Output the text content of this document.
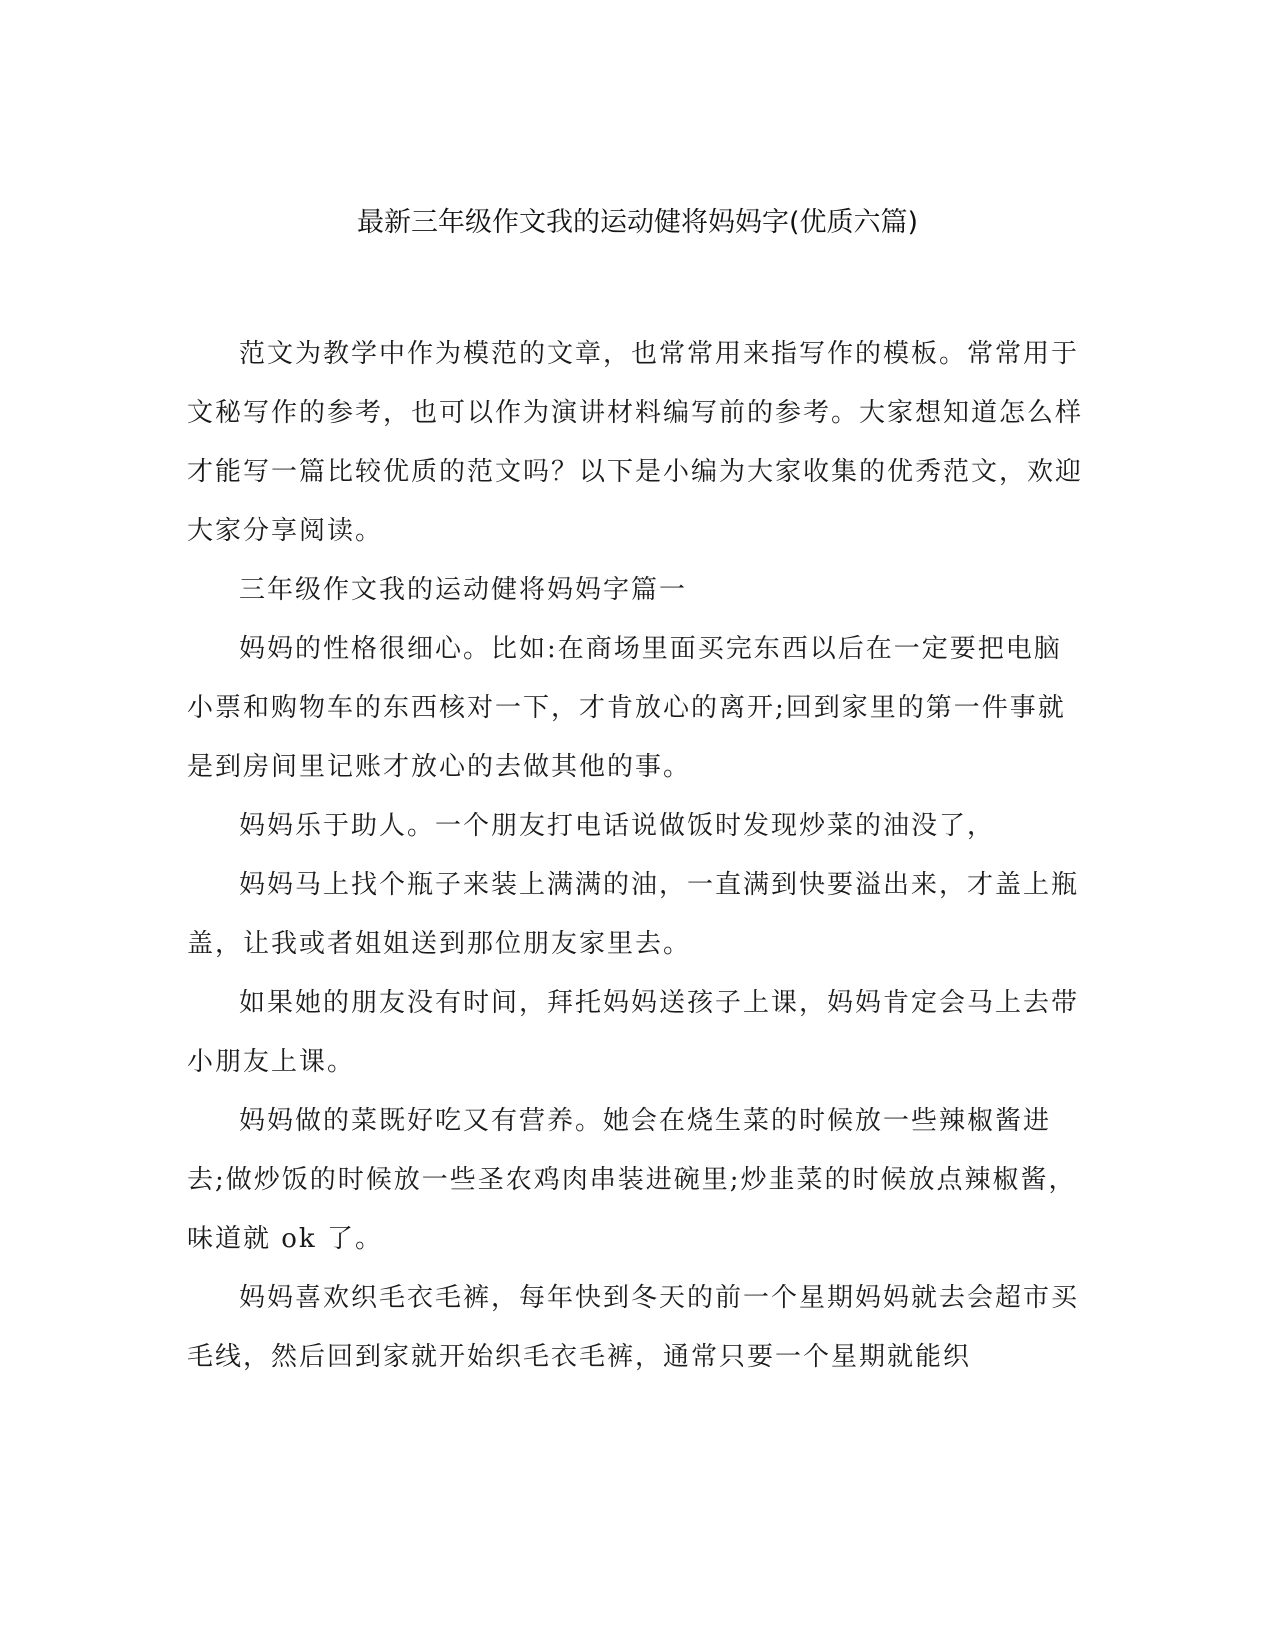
最新三年级作文我的运动健将妈妈字(优质六篇)

范文为教学中作为模范的文章，也常常用来指写作的模板。常常用于文秘写作的参考，也可以作为演讲材料编写前的参考。大家想知道怎么样才能写一篇比较优质的范文吗？以下是小编为大家收集的优秀范文，欢迎大家分享阅读。

三年级作文我的运动健将妈妈字篇一

妈妈的性格很细心。比如:在商场里面买完东西以后在一定要把电脑小票和购物车的东西核对一下，才肯放心的离开;回到家里的第一件事就是到房间里记账才放心的去做其他的事。

妈妈乐于助人。一个朋友打电话说做饭时发现炒菜的油没了，

妈妈马上找个瓶子来装上满满的油，一直满到快要溢出来，才盖上瓶盖，让我或者姐姐送到那位朋友家里去。

如果她的朋友没有时间，拜托妈妈送孩子上课，妈妈肯定会马上去带小朋友上课。

妈妈做的菜既好吃又有营养。她会在烧生菜的时候放一些辣椒酱进去;做炒饭的时候放一些圣农鸡肉串装进碗里;炒韭菜的时候放点辣椒酱，味道就 ok 了。

妈妈喜欢织毛衣毛裤，每年快到冬天的前一个星期妈妈就去会超市买毛线，然后回到家就开始织毛衣毛裤，通常只要一个星期就能织
